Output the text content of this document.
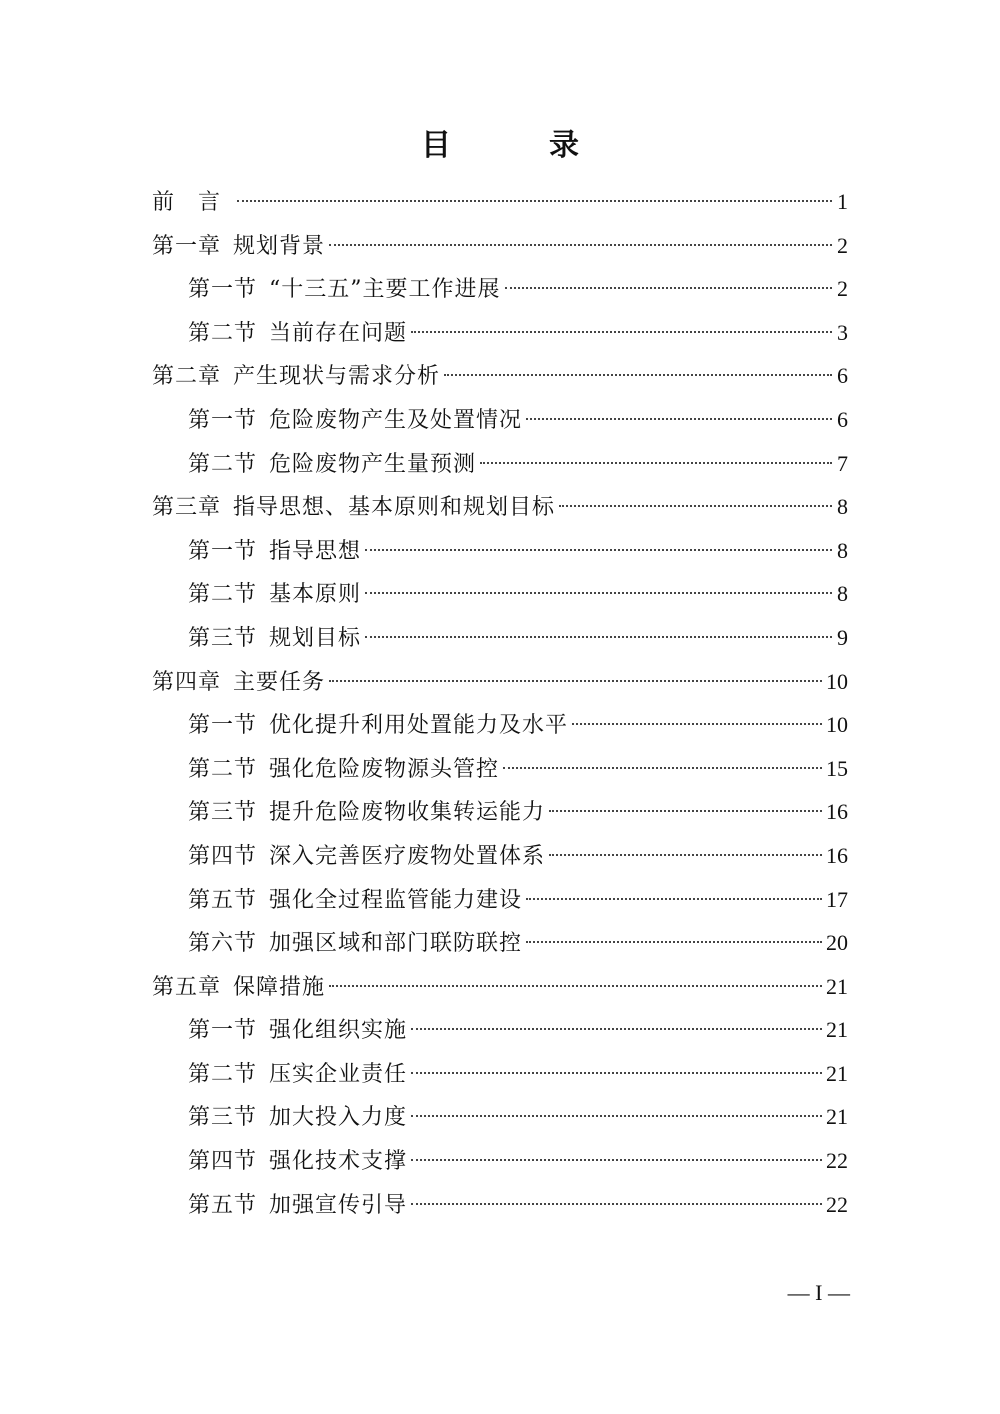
目　录
前　言	1
第一章 规划背景	2
第一节 “十三五”主要工作进展	2
第二节 当前存在问题	3
第二章 产生现状与需求分析	6
第一节 危险废物产生及处置情况	6
第二节 危险废物产生量预测	7
第三章 指导思想、基本原则和规划目标	8
第一节 指导思想	8
第二节 基本原则	8
第三节 规划目标	9
第四章 主要任务	10
第一节 优化提升利用处置能力及水平	10
第二节 强化危险废物源头管控	15
第三节 提升危险废物收集转运能力	16
第四节 深入完善医疗废物处置体系	16
第五节 强化全过程监管能力建设	17
第六节 加强区域和部门联防联控	20
第五章 保障措施	21
第一节 强化组织实施	21
第二节 压实企业责任	21
第三节 加大投入力度	21
第四节 强化技术支撑	22
第五节 加强宣传引导	22
— I —
